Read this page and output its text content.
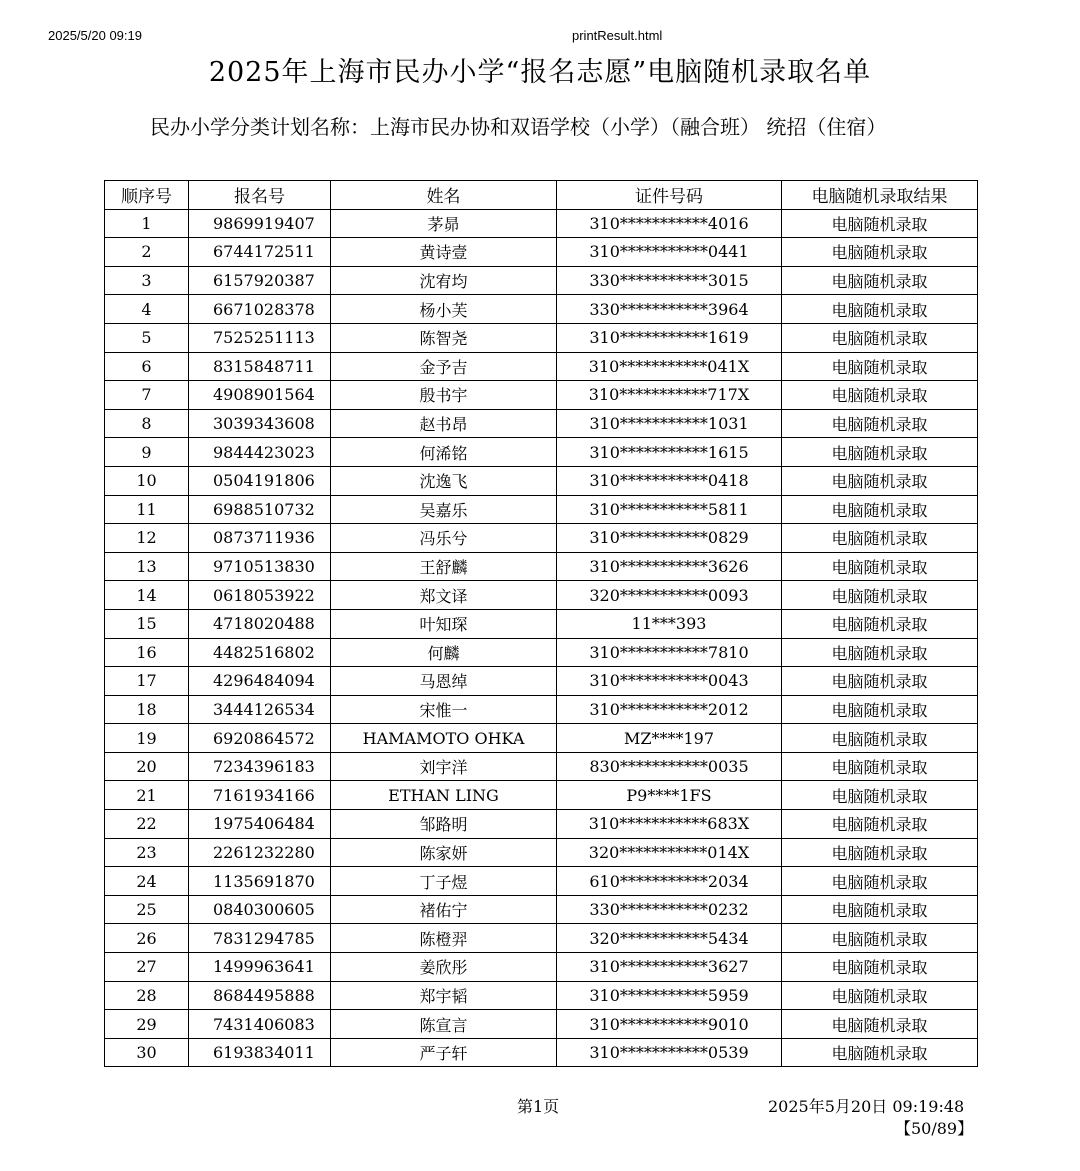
2025/5/20 09:19	printResult.html
2025年上海市民办小学“报名志愿”电脑随机录取名单
民办小学分类计划名称：上海市民办协和双语学校（小学）（融合班） 统招（住宿）
顺序号	报名号	姓名	证件号码	电脑随机录取结果
1	9869919407	茅昴	310***********4016	电脑随机录取
2	6744172511	黄诗壹	310***********0441	电脑随机录取
3	6157920387	沈宥均	330***********3015	电脑随机录取
4	6671028378	杨小芙	330***********3964	电脑随机录取
5	7525251113	陈智尧	310***********1619	电脑随机录取
6	8315848711	金予吉	310***********041X	电脑随机录取
7	4908901564	殷书宇	310***********717X	电脑随机录取
8	3039343608	赵书昂	310***********1031	电脑随机录取
9	9844423023	何浠铭	310***********1615	电脑随机录取
10	0504191806	沈逸飞	310***********0418	电脑随机录取
11	6988510732	吴嘉乐	310***********5811	电脑随机录取
12	0873711936	冯乐兮	310***********0829	电脑随机录取
13	9710513830	王舒麟	310***********3626	电脑随机录取
14	0618053922	郑文译	320***********0093	电脑随机录取
15	4718020488	叶知琛	11***393	电脑随机录取
16	4482516802	何麟	310***********7810	电脑随机录取
17	4296484094	马恩绰	310***********0043	电脑随机录取
18	3444126534	宋惟一	310***********2012	电脑随机录取
19	6920864572	HAMAMOTO OHKA	MZ****197	电脑随机录取
20	7234396183	刘宇洋	830***********0035	电脑随机录取
21	7161934166	ETHAN LING	P9****1FS	电脑随机录取
22	1975406484	邹路明	310***********683X	电脑随机录取
23	2261232280	陈家妍	320***********014X	电脑随机录取
24	1135691870	丁子煜	610***********2034	电脑随机录取
25	0840300605	褚佑宁	330***********0232	电脑随机录取
26	7831294785	陈橙羿	320***********5434	电脑随机录取
27	1499963641	姜欣彤	310***********3627	电脑随机录取
28	8684495888	郑宇韬	310***********5959	电脑随机录取
29	7431406083	陈宣言	310***********9010	电脑随机录取
30	6193834011	严子轩	310***********0539	电脑随机录取
第1页	2025年5月20日 09:19:48
【50/89】
